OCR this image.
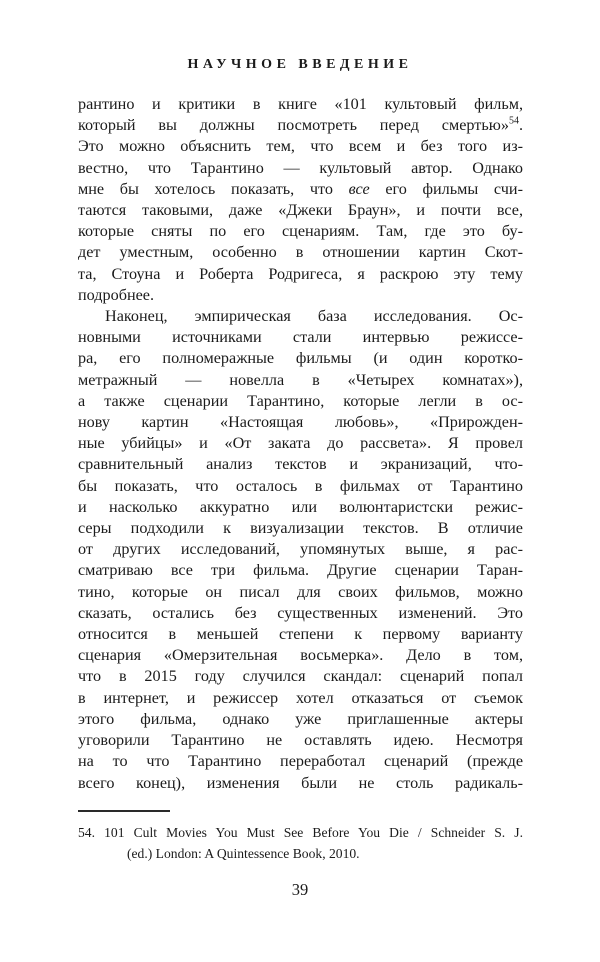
НАУЧНОЕ ВВЕДЕНИЕ
рантино и критики в книге «101 культовый фильм,
который вы должны посмотреть перед смертью»$^{54}$.
Это можно объяснить тем, что всем и без того из-
вестно, что Тарантино — культовый автор. Однако
мне бы хотелось показать, что все его фильмы счи-
таются таковыми, даже «Джеки Браун», и почти все,
которые сняты по его сценариям. Там, где это бу-
дет уместным, особенно в отношении картин Скот-
та, Стоуна и Роберта Родригеса, я раскрою эту тему
подробнее.
Наконец, эмпирическая база исследования. Ос-
новными источниками стали интервью режиссе-
ра, его полномеражные фильмы (и один коротко-
метражный — новелла в «Четырех комнатах»),
а также сценарии Тарантино, которые легли в ос-
нову картин «Настоящая любовь», «Прирожден-
ные убийцы» и «От заката до рассвета». Я провел
сравнительный анализ текстов и экранизаций, что-
бы показать, что осталось в фильмах от Тарантино
и насколько аккуратно или волюнтаристски режис-
серы подходили к визуализации текстов. В отличие
от других исследований, упомянутых выше, я рас-
сматриваю все три фильма. Другие сценарии Таран-
тино, которые он писал для своих фильмов, можно
сказать, остались без существенных изменений. Это
относится в меньшей степени к первому варианту
сценария «Омерзительная восьмерка». Дело в том,
что в 2015 году случился скандал: сценарий попал
в интернет, и режиссер хотел отказаться от съемок
этого фильма, однако уже приглашенные актеры
уговорили Тарантино не оставлять идею. Несмотря
на то что Тарантино переработал сценарий (прежде
всего конец), изменения были не столь радикаль-
54. 101 Cult Movies You Must See Before You Die / Schneider S. J.
(ed.) London: A Quintessence Book, 2010.
39
